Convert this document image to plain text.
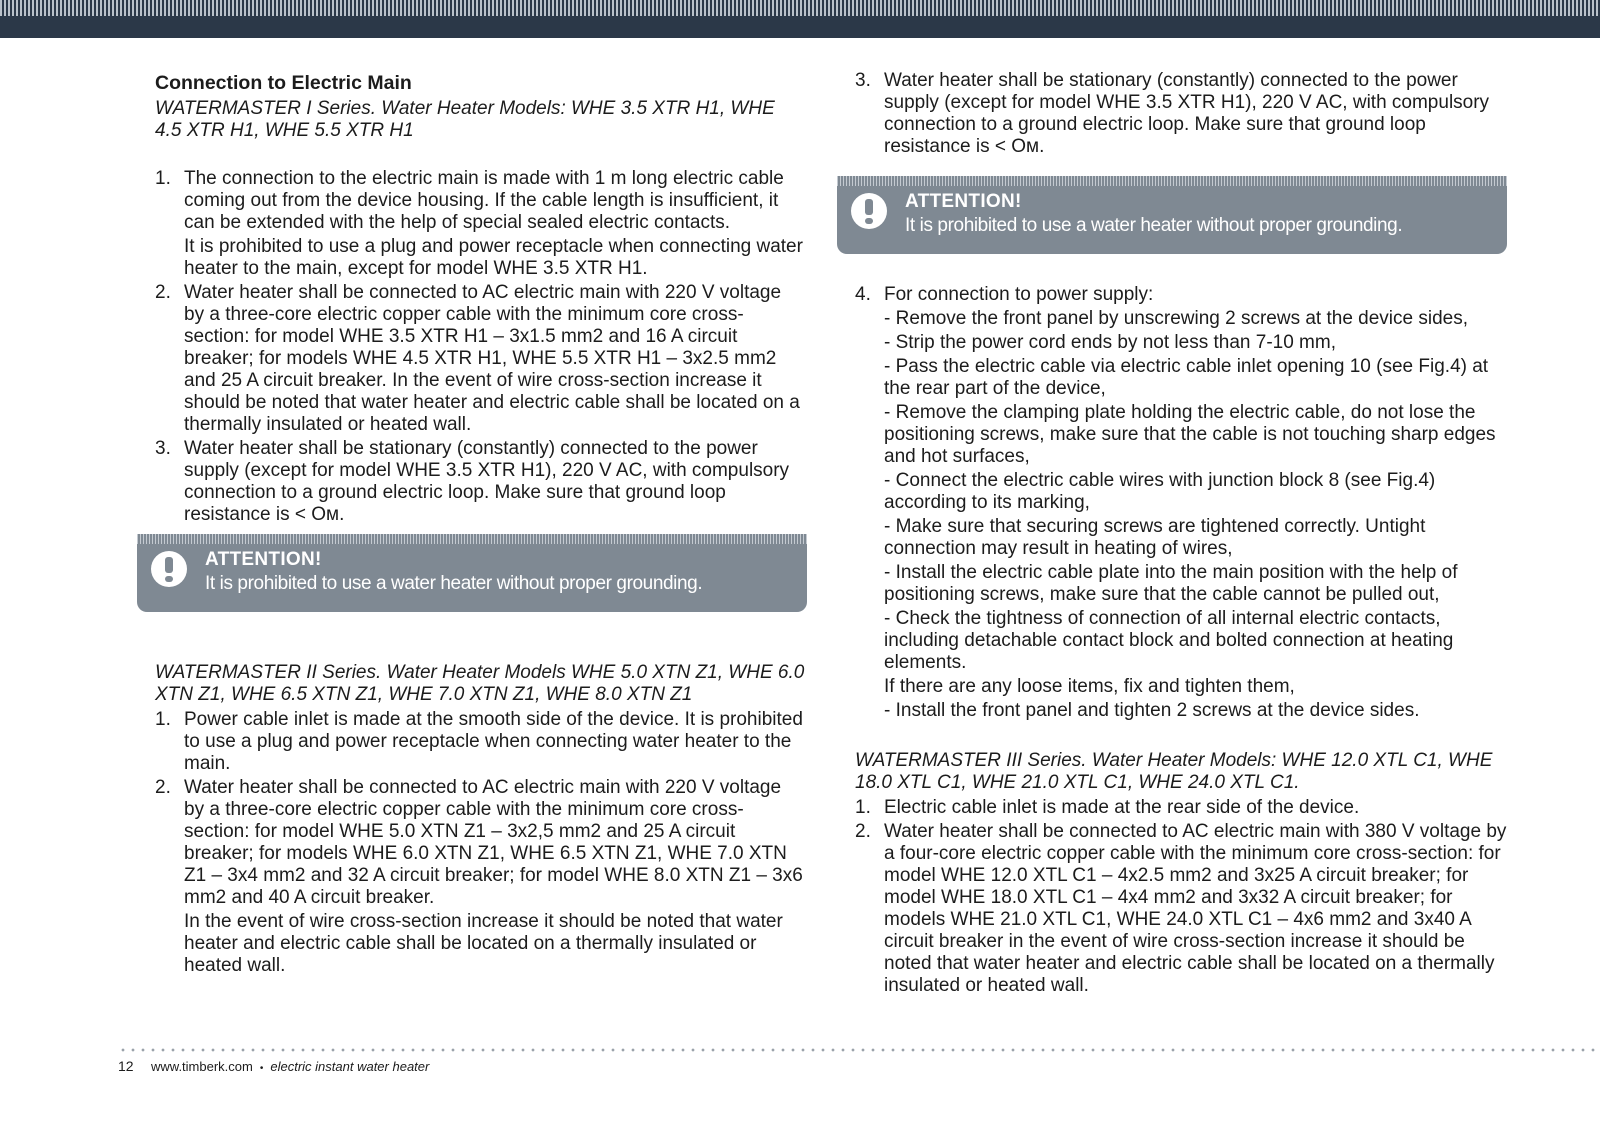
Connection to Electric Main

WATERMASTER I Series. Water Heater Models: WHE 3.5 XTR H1, WHE 4.5 XTR H1, WHE 5.5 XTR H1

1. The connection to the electric main is made with 1 m long electric cable coming out from the device housing. If the cable length is insufficient, it can be extended with the help of special sealed electric contacts.
It is prohibited to use a plug and power receptacle when connecting water heater to the main, except for model WHE 3.5 XTR H1.
2. Water heater shall be connected to AC electric main with 220 V voltage by a three-core electric copper cable with the minimum core cross-section: for model WHE 3.5 XTR H1 – 3x1.5 mm2 and 16 A circuit breaker; for models WHE 4.5 XTR H1, WHE 5.5 XTR H1 – 3x2.5 mm2 and 25 A circuit breaker. In the event of wire cross-section increase it should be noted that water heater and electric cable shall be located on a thermally insulated or heated wall.
3. Water heater shall be stationary (constantly) connected to the power supply (except for model WHE 3.5 XTR H1), 220 V AC, with compulsory connection to a ground electric loop. Make sure that ground loop resistance is < Ом.
ATTENTION!
It is prohibited to use a water heater without proper grounding.

WATERMASTER II Series. Water Heater Models WHE 5.0 XTN Z1, WHE 6.0 XTN Z1, WHE 6.5 XTN Z1, WHE 7.0 XTN Z1, WHE 8.0 XTN Z1

1. Power cable inlet is made at the smooth side of the device. It is prohibited to use a plug and power receptacle when connecting water heater to the main.
2. Water heater shall be connected to AC electric main with 220 V voltage by a three-core electric copper cable with the minimum core cross-section: for model WHE 5.0 XTN Z1 – 3x2,5 mm2 and 25 A circuit breaker; for models WHE 6.0 XTN Z1, WHE 6.5 XTN Z1, WHE 7.0 XTN Z1 – 3x4 mm2 and 32 A circuit breaker; for model WHE 8.0 XTN Z1 – 3x6 mm2 and 40 A circuit breaker.
In the event of wire cross-section increase it should be noted that water heater and electric cable shall be located on a thermally insulated or heated wall.
3. Water heater shall be stationary (constantly) connected to the power supply (except for model WHE 3.5 XTR H1), 220 V AC, with compulsory connection to a ground electric loop. Make sure that ground loop resistance is < Ом.
ATTENTION!
It is prohibited to use a water heater without proper grounding.
4. For connection to power supply:
- Remove the front panel by unscrewing 2 screws at the device sides,
- Strip the power cord ends by not less than 7-10 mm,
- Pass the electric cable via electric cable inlet opening 10 (see Fig.4) at the rear part of the device,
- Remove the clamping plate holding the electric cable, do not lose the positioning screws, make sure that the cable is not touching sharp edges and hot surfaces,
- Connect the electric cable wires with junction block 8 (see Fig.4) according to its marking,
- Make sure that securing screws are tightened correctly. Untight connection may result in heating of wires,
- Install the electric cable plate into the main position with the help of positioning screws, make sure that the cable cannot be pulled out,
- Check the tightness of connection of all internal electric contacts, including detachable contact block and bolted connection at heating elements.
If there are any loose items, fix and tighten them,
- Install the front panel and tighten 2 screws at the device sides.

WATERMASTER III Series. Water Heater Models: WHE 12.0 XTL C1, WHE 18.0 XTL C1, WHE 21.0 XTL C1, WHE 24.0 XTL C1.

1. Electric cable inlet is made at the rear side of the device.
2. Water heater shall be connected to AC electric main with 380 V voltage by a four-core electric copper cable with the minimum core cross-section: for model WHE 12.0 XTL C1 – 4x2.5 mm2 and 3x25 A circuit breaker; for model WHE 18.0 XTL C1 – 4x4 mm2 and 3x32 A circuit breaker; for models WHE 21.0 XTL C1, WHE 24.0 XTL C1 – 4x6 mm2 and 3x40 A circuit breaker in the event of wire cross-section increase it should be noted that water heater and electric cable shall be located on a thermally insulated or heated wall.
12	www.timberk.com • electric instant water heater
